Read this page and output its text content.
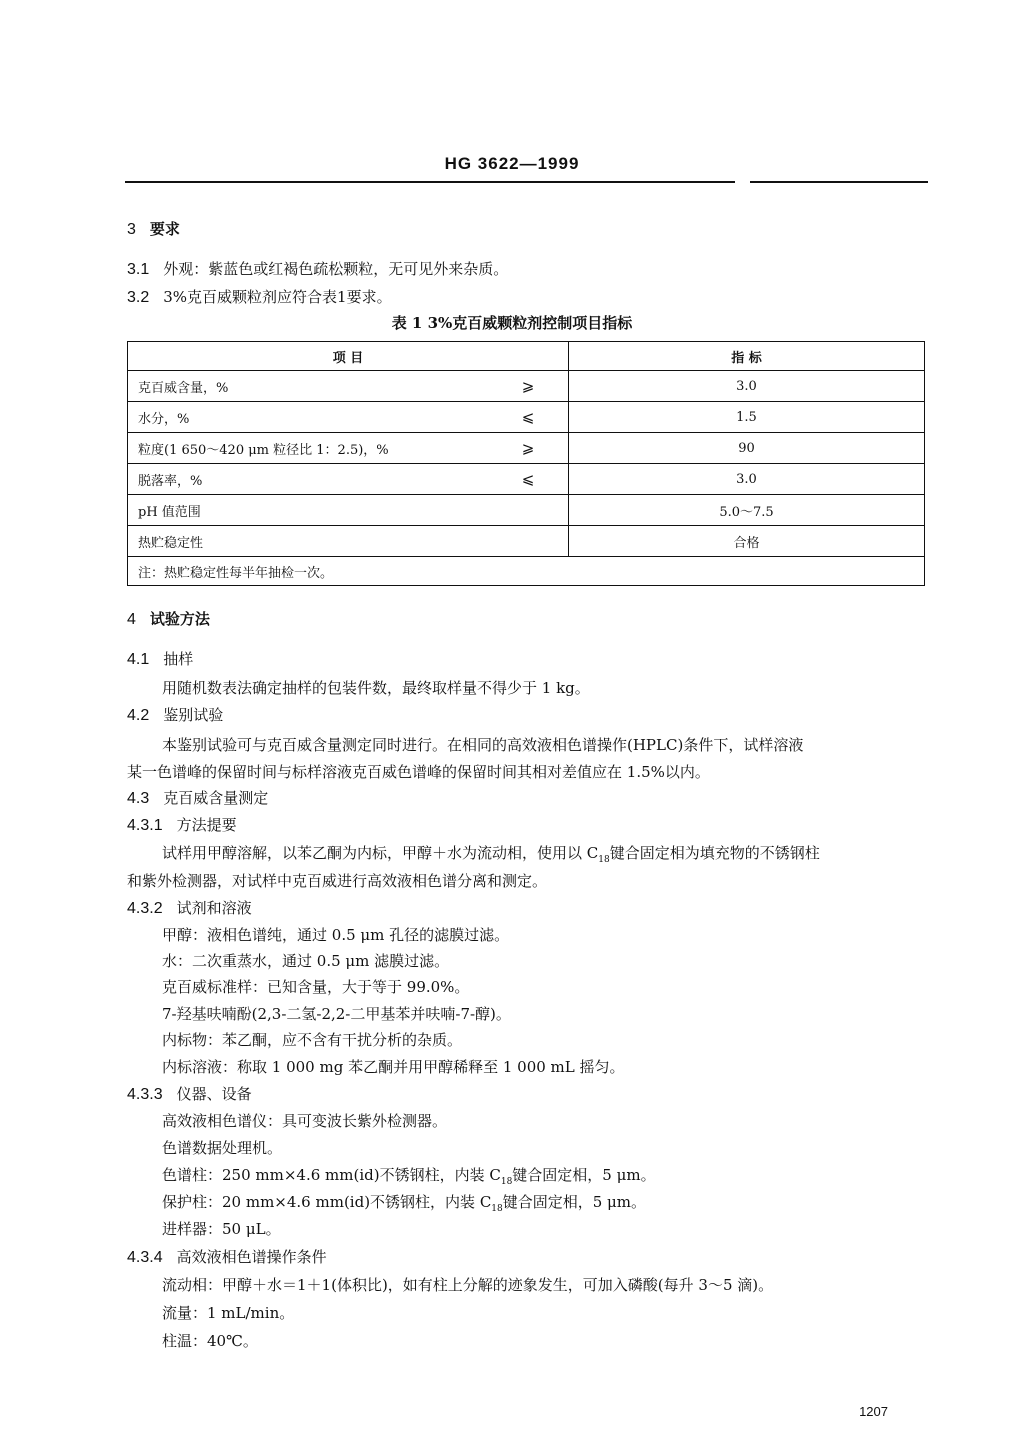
HG 3622—1999
3 要求
3.1 外观：紫蓝色或红褐色疏松颗粒，无可见外来杂质。
3.2 3%克百威颗粒剂应符合表1要求。
表 1 3%克百威颗粒剂控制项目指标
项 目		指 标
克百威含量，%	⩾	3.0
水分，%	⩽	1.5
粒度(1 650～420 μm 粒径比 1：2.5)，%	⩾	90
脱落率，%	⩽	3.0
pH 值范围		5.0～7.5
热贮稳定性		合格
注：热贮稳定性每半年抽检一次。		
4 试验方法
4.1 抽样
用随机数表法确定抽样的包装件数，最终取样量不得少于 1 kg。
4.2 鉴别试验
本鉴别试验可与克百威含量测定同时进行。在相同的高效液相色谱操作(HPLC)条件下，试样溶液
某一色谱峰的保留时间与标样溶液克百威色谱峰的保留时间其相对差值应在 1.5%以内。
4.3 克百威含量测定
4.3.1 方法提要
试样用甲醇溶解，以苯乙酮为内标，甲醇＋水为流动相，使用以 $C_{18}$键合固定相为填充物的不锈钢柱
和紫外检测器，对试样中克百威进行高效液相色谱分离和测定。
4.3.2 试剂和溶液
甲醇：液相色谱纯，通过 0.5 μm 孔径的滤膜过滤。
水：二次重蒸水，通过 0.5 μm 滤膜过滤。
克百威标准样：已知含量，大于等于 99.0%。
7-羟基呋喃酚(2,3-二氢-2,2-二甲基苯并呋喃-7-醇)。
内标物：苯乙酮，应不含有干扰分析的杂质。
内标溶液：称取 1 000 mg 苯乙酮并用甲醇稀释至 1 000 mL 摇匀。
4.3.3 仪器、设备
高效液相色谱仪：具可变波长紫外检测器。
色谱数据处理机。
色谱柱：250 mm×4.6 mm(id)不锈钢柱，内装 $C_{18}$键合固定相，5 μm。
保护柱：20 mm×4.6 mm(id)不锈钢柱，内装 $C_{18}$键合固定相，5 μm。
进样器：50 μL。
4.3.4 高效液相色谱操作条件
流动相：甲醇＋水＝1＋1(体积比)，如有柱上分解的迹象发生，可加入磷酸(每升 3～5 滴)。
流量：1 mL/min。
柱温：40℃。
1207
